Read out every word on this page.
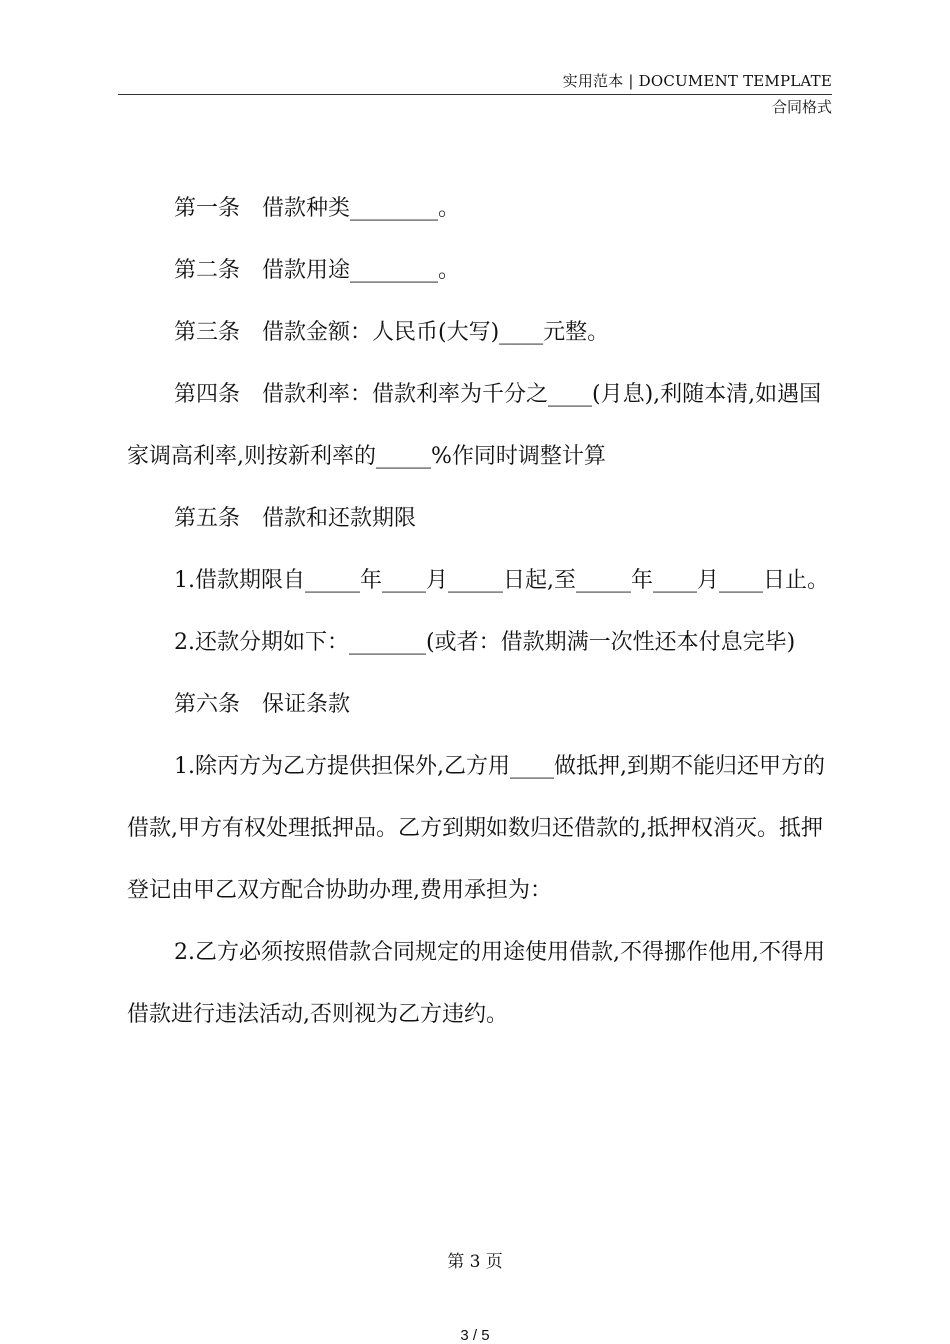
实用范本 | DOCUMENT TEMPLATE
合同格式

第一条　借款种类________。

第二条　借款用途________。

第三条　借款金额：人民币(大写)____元整。

第四条　借款利率：借款利率为千分之____(月息),利随本清,如遇国家调高利率,则按新利率的_____%作同时调整计算

第五条　借款和还款期限

1.借款期限自_____年____月_____日起,至_____年____月____日止。

2.还款分期如下：_______(或者：借款期满一次性还本付息完毕)

第六条　保证条款

1.除丙方为乙方提供担保外,乙方用____做抵押,到期不能归还甲方的借款,甲方有权处理抵押品。乙方到期如数归还借款的,抵押权消灭。抵押登记由甲乙双方配合协助办理,费用承担为：

2.乙方必须按照借款合同规定的用途使用借款,不得挪作他用,不得用借款进行违法活动,否则视为乙方违约。

第 3 页
3 / 5
